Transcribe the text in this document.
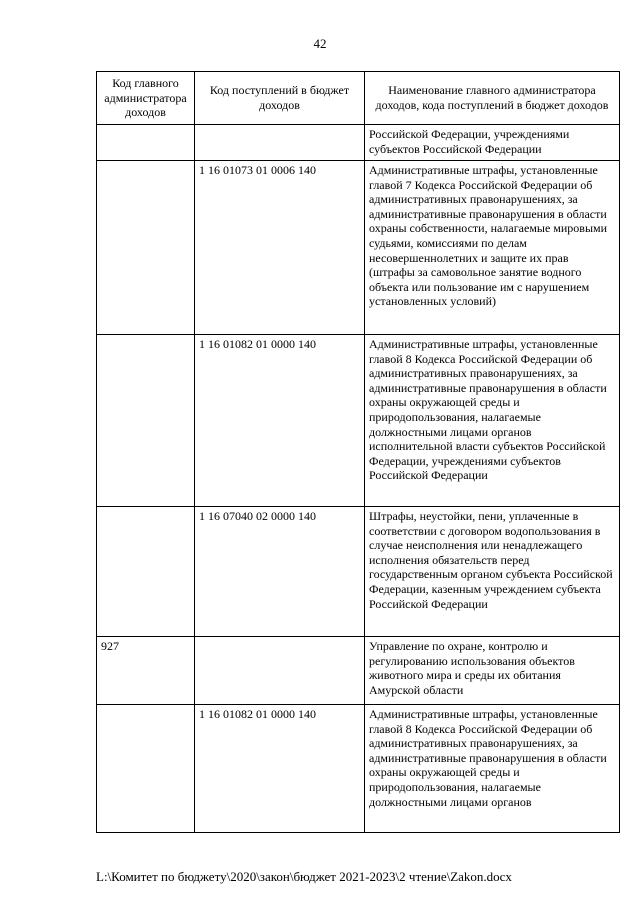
42
Код главного администратора доходов	Код поступлений в бюджет доходов	Наименование главного администратора доходов, кода поступлений в бюджет доходов
		Российской Федерации, учреждениями субъектов Российской Федерации
	1 16 01073 01 0006 140	Административные штрафы, установленные главой 7 Кодекса Российской Федерации об административных правонарушениях, за административные правонарушения в области охраны собственности, налагаемые мировыми судьями, комиссиями по делам несовершеннолетних и защите их прав (штрафы за самовольное занятие водного объекта или пользование им с нарушением установленных условий)
	1 16 01082 01 0000 140	Административные штрафы, установленные главой 8 Кодекса Российской Федерации об административных правонарушениях, за административные правонарушения в области охраны окружающей среды и природопользования, налагаемые должностными лицами органов исполнительной власти субъектов Российской Федерации, учреждениями субъектов Российской Федерации
	1 16 07040 02 0000 140	Штрафы, неустойки, пени, уплаченные в соответствии с договором водопользования в случае неисполнения или ненадлежащего исполнения обязательств перед государственным органом субъекта Российской Федерации, казенным учреждением субъекта Российской Федерации
927		Управление по охране, контролю и регулированию использования объектов животного мира и среды их обитания Амурской области
	1 16 01082 01 0000 140	Административные штрафы, установленные главой 8 Кодекса Российской Федерации об административных правонарушениях, за административные правонарушения в области охраны окружающей среды и природопользования, налагаемые должностными лицами органов
L:\Комитет по бюджету\2020\закон\бюджет 2021-2023\2 чтение\Zakon.docx
